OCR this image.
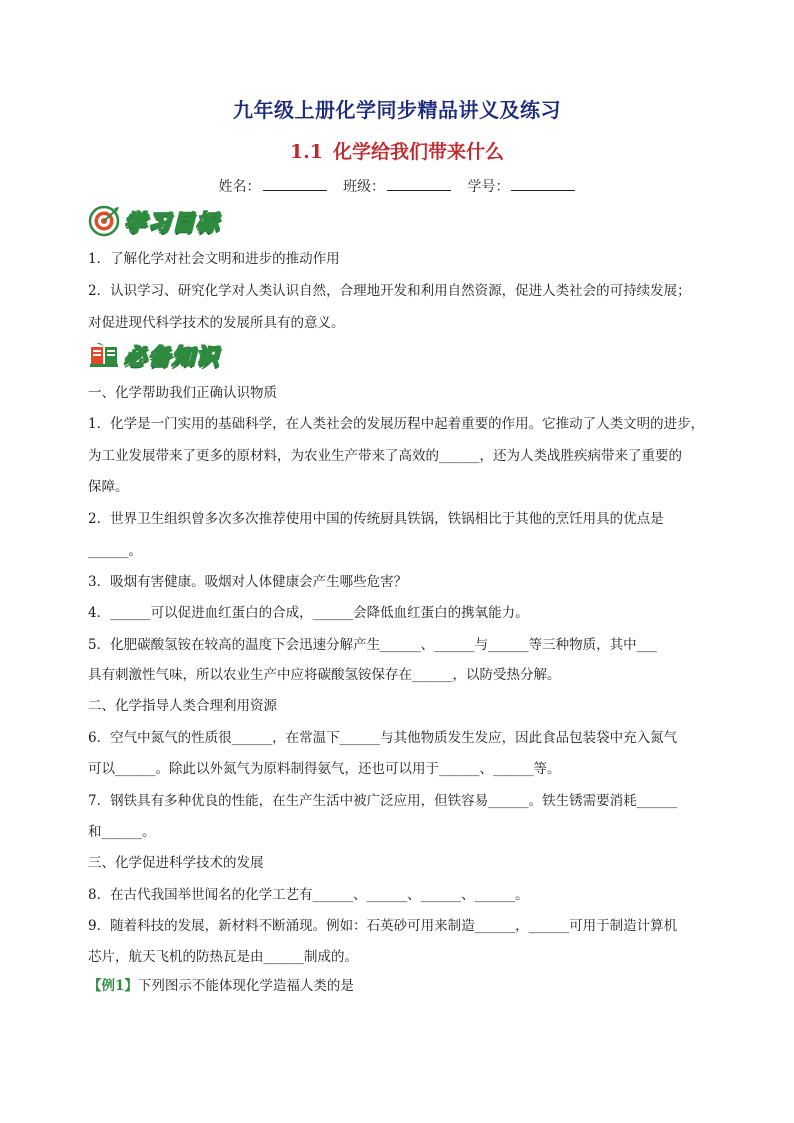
九年级上册化学同步精品讲义及练习
1.1 化学给我们带来什么
姓名：	班级：	学号：
学习目标
1．了解化学对社会文明和进步的推动作用
2．认识学习、研究化学对人类认识自然，合理地开发和利用自然资源，促进人类社会的可持续发展；
对促进现代科学技术的发展所具有的意义。
必备知识
一、化学帮助我们正确认识物质
1．化学是一门实用的基础科学，在人类社会的发展历程中起着重要的作用。它推动了人类文明的进步，
为工业发展带来了更多的原材料，为农业生产带来了高效的______，还为人类战胜疾病带来了重要的
保障。
2．世界卫生组织曾多次多次推荐使用中国的传统厨具铁锅，铁锅相比于其他的烹饪用具的优点是
______。
3．吸烟有害健康。吸烟对人体健康会产生哪些危害？
4．______可以促进血红蛋白的合成，______会降低血红蛋白的携氧能力。
5．化肥碳酸氢铵在较高的温度下会迅速分解产生______、______与______等三种物质，其中___
具有刺激性气味，所以农业生产中应将碳酸氢铵保存在______，以防受热分解。
二、化学指导人类合理利用资源
6．空气中氮气的性质很______，在常温下______与其他物质发生发应，因此食品包装袋中充入氮气
可以______。除此以外氮气为原料制得氨气，还也可以用于______、______等。
7．钢铁具有多种优良的性能，在生产生活中被广泛应用，但铁容易______。铁生锈需要消耗______
和______。
三、化学促进科学技术的发展
8．在古代我国举世闻名的化学工艺有______、______、______、______。
9．随着科技的发展，新材料不断涌现。例如：石英砂可用来制造______，______可用于制造计算机
芯片，航天飞机的防热瓦是由______制成的。
【例1】下列图示不能体现化学造福人类的是
